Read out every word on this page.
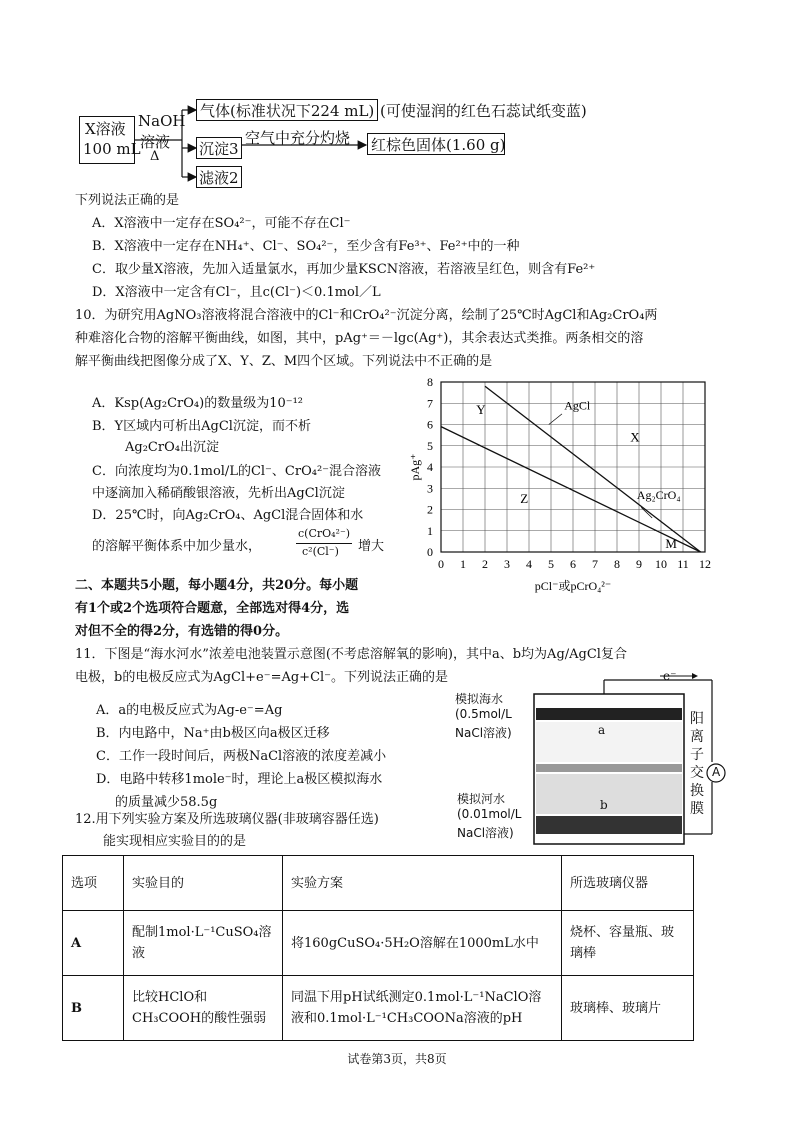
X溶液
100 mL
NaOH
溶液
Δ
气体(标准状况下224 mL) (可使湿润的红色石蕊试纸变蓝)
沉淀3
空气中充分灼烧 红棕色固体(1.60 g)
滤液2
下列说法正确的是
A．X溶液中一定存在SO₄²⁻，可能不存在Cl⁻
B．X溶液中一定存在NH₄⁺、Cl⁻、SO₄²⁻，至少含有Fe³⁺、Fe²⁺中的一种
C．取少量X溶液，先加入适量氯水，再加少量KSCN溶液，若溶液呈红色，则含有Fe²⁺
D．X溶液中一定含有Cl⁻，且c(Cl⁻)＜0.1mol／L
10．为研究用AgNO₃溶液将混合溶液中的Cl⁻和CrO₄²⁻沉淀分离，绘制了25℃时AgCl和Ag₂CrO₄两
种难溶化合物的溶解平衡曲线，如图，其中，pAg⁺＝－lgc(Ag⁺)，其余表达式类推。两条相交的溶
解平衡曲线把图像分成了X、Y、Z、M四个区域。下列说法中不正确的是
A．Ksp(Ag₂CrO₄)的数量级为10⁻¹²
B．Y区域内可析出AgCl沉淀，而不析
Ag₂CrO₄出沉淀
C．向浓度均为0.1mol/L的Cl⁻、CrO₄²⁻混合溶液
中逐滴加入稀硝酸银溶液，先析出AgCl沉淀
D．25℃时，向Ag₂CrO₄、AgCl混合固体和水
的溶解平衡体系中加少量水，
c(CrO₄²⁻)
c²(Cl⁻) 增大
0 1 2 3 4 5 6 7 8 9 10 11 12
0
1
2
3
4
5
6
7
8
pCl⁻或pCrO₄²⁻
pAg⁺
AgCl
Ag₂CrO₄
X
Y
Z
M
二、本题共5小题，每小题4分，共20分。每小题
有1个或2个选项符合题意，全部选对得4分，选
对但不全的得2分，有选错的得0分。
11．下图是“海水河水”浓差电池装置示意图(不考虑溶解氧的影响)，其中a、b均为Ag/AgCl复合
电极，b的电极反应式为AgCl+e⁻=Ag+Cl⁻。下列说法正确的是
A．a的电极反应式为Ag-e⁻=Ag
B．内电路中，Na⁺由b极区向a极区迁移
C．工作一段时间后，两极NaCl溶液的浓度差减小
D．电路中转移1mole⁻时，理论上a极区模拟海水
的质量减少58.5g
模拟海水
(0.5mol/L
NaCl溶液)
模拟河水
(0.01mol/L
NaCl溶液)
e⁻
a
b
A
阳
离
子
交
换
膜
12.用下列实验方案及所选玻璃仪器(非玻璃容器任选)
能实现相应实验目的的是
选项	实验目的	实验方案	所选玻璃仪器
A	配制1mol·L⁻¹CuSO₄溶液	将160gCuSO₄·5H₂O溶解在1000mL水中	烧杯、容量瓶、玻璃棒
B	比较HClO和CH₃COOH的酸性强弱	同温下用pH试纸测定0.1mol·L⁻¹NaClO溶液和0.1mol·L⁻¹CH₃COONa溶液的pH	玻璃棒、玻璃片
试卷第3页，共8页
